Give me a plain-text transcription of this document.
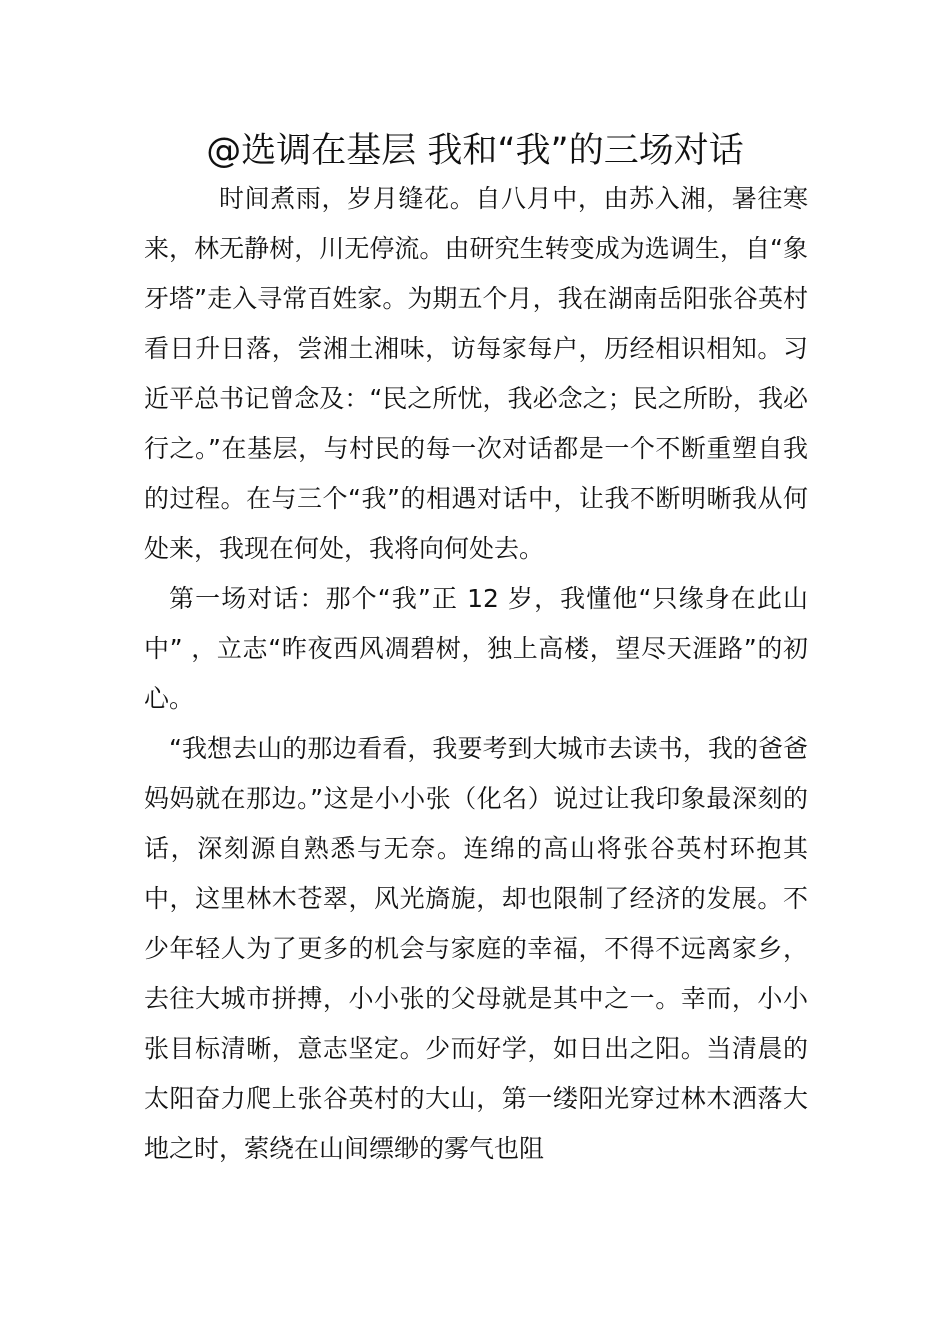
@选调在基层 我和“我”的三场对话

时间煮雨，岁月缝花。自八月中，由苏入湘，暑往寒来，林无静树，川无停流。由研究生转变成为选调生，自“象牙塔”走入寻常百姓家。为期五个月，我在湖南岳阳张谷英村看日升日落，尝湘土湘味，访每家每户，历经相识相知。习近平总书记曾念及：“民之所忧，我必念之；民之所盼，我必行之。”在基层，与村民的每一次对话都是一个不断重塑自我的过程。在与三个“我”的相遇对话中，让我不断明晰我从何处来，我现在何处，我将向何处去。

第一场对话：那个“我”正 12 岁，我懂他“只缘身在此山中” ，立志“昨夜西风凋碧树，独上高楼，望尽天涯路”的初心。

“我想去山的那边看看，我要考到大城市去读书，我的爸爸妈妈就在那边。”这是小小张（化名）说过让我印象最深刻的话，深刻源自熟悉与无奈。连绵的高山将张谷英村环抱其中，这里林木苍翠，风光旖旎，却也限制了经济的发展。不少年轻人为了更多的机会与家庭的幸福，不得不远离家乡，去往大城市拼搏，小小张的父母就是其中之一。幸而，小小张目标清晰，意志坚定。少而好学，如日出之阳。当清晨的太阳奋力爬上张谷英村的大山，第一缕阳光穿过林木洒落大地之时，萦绕在山间缥缈的雾气也阻
